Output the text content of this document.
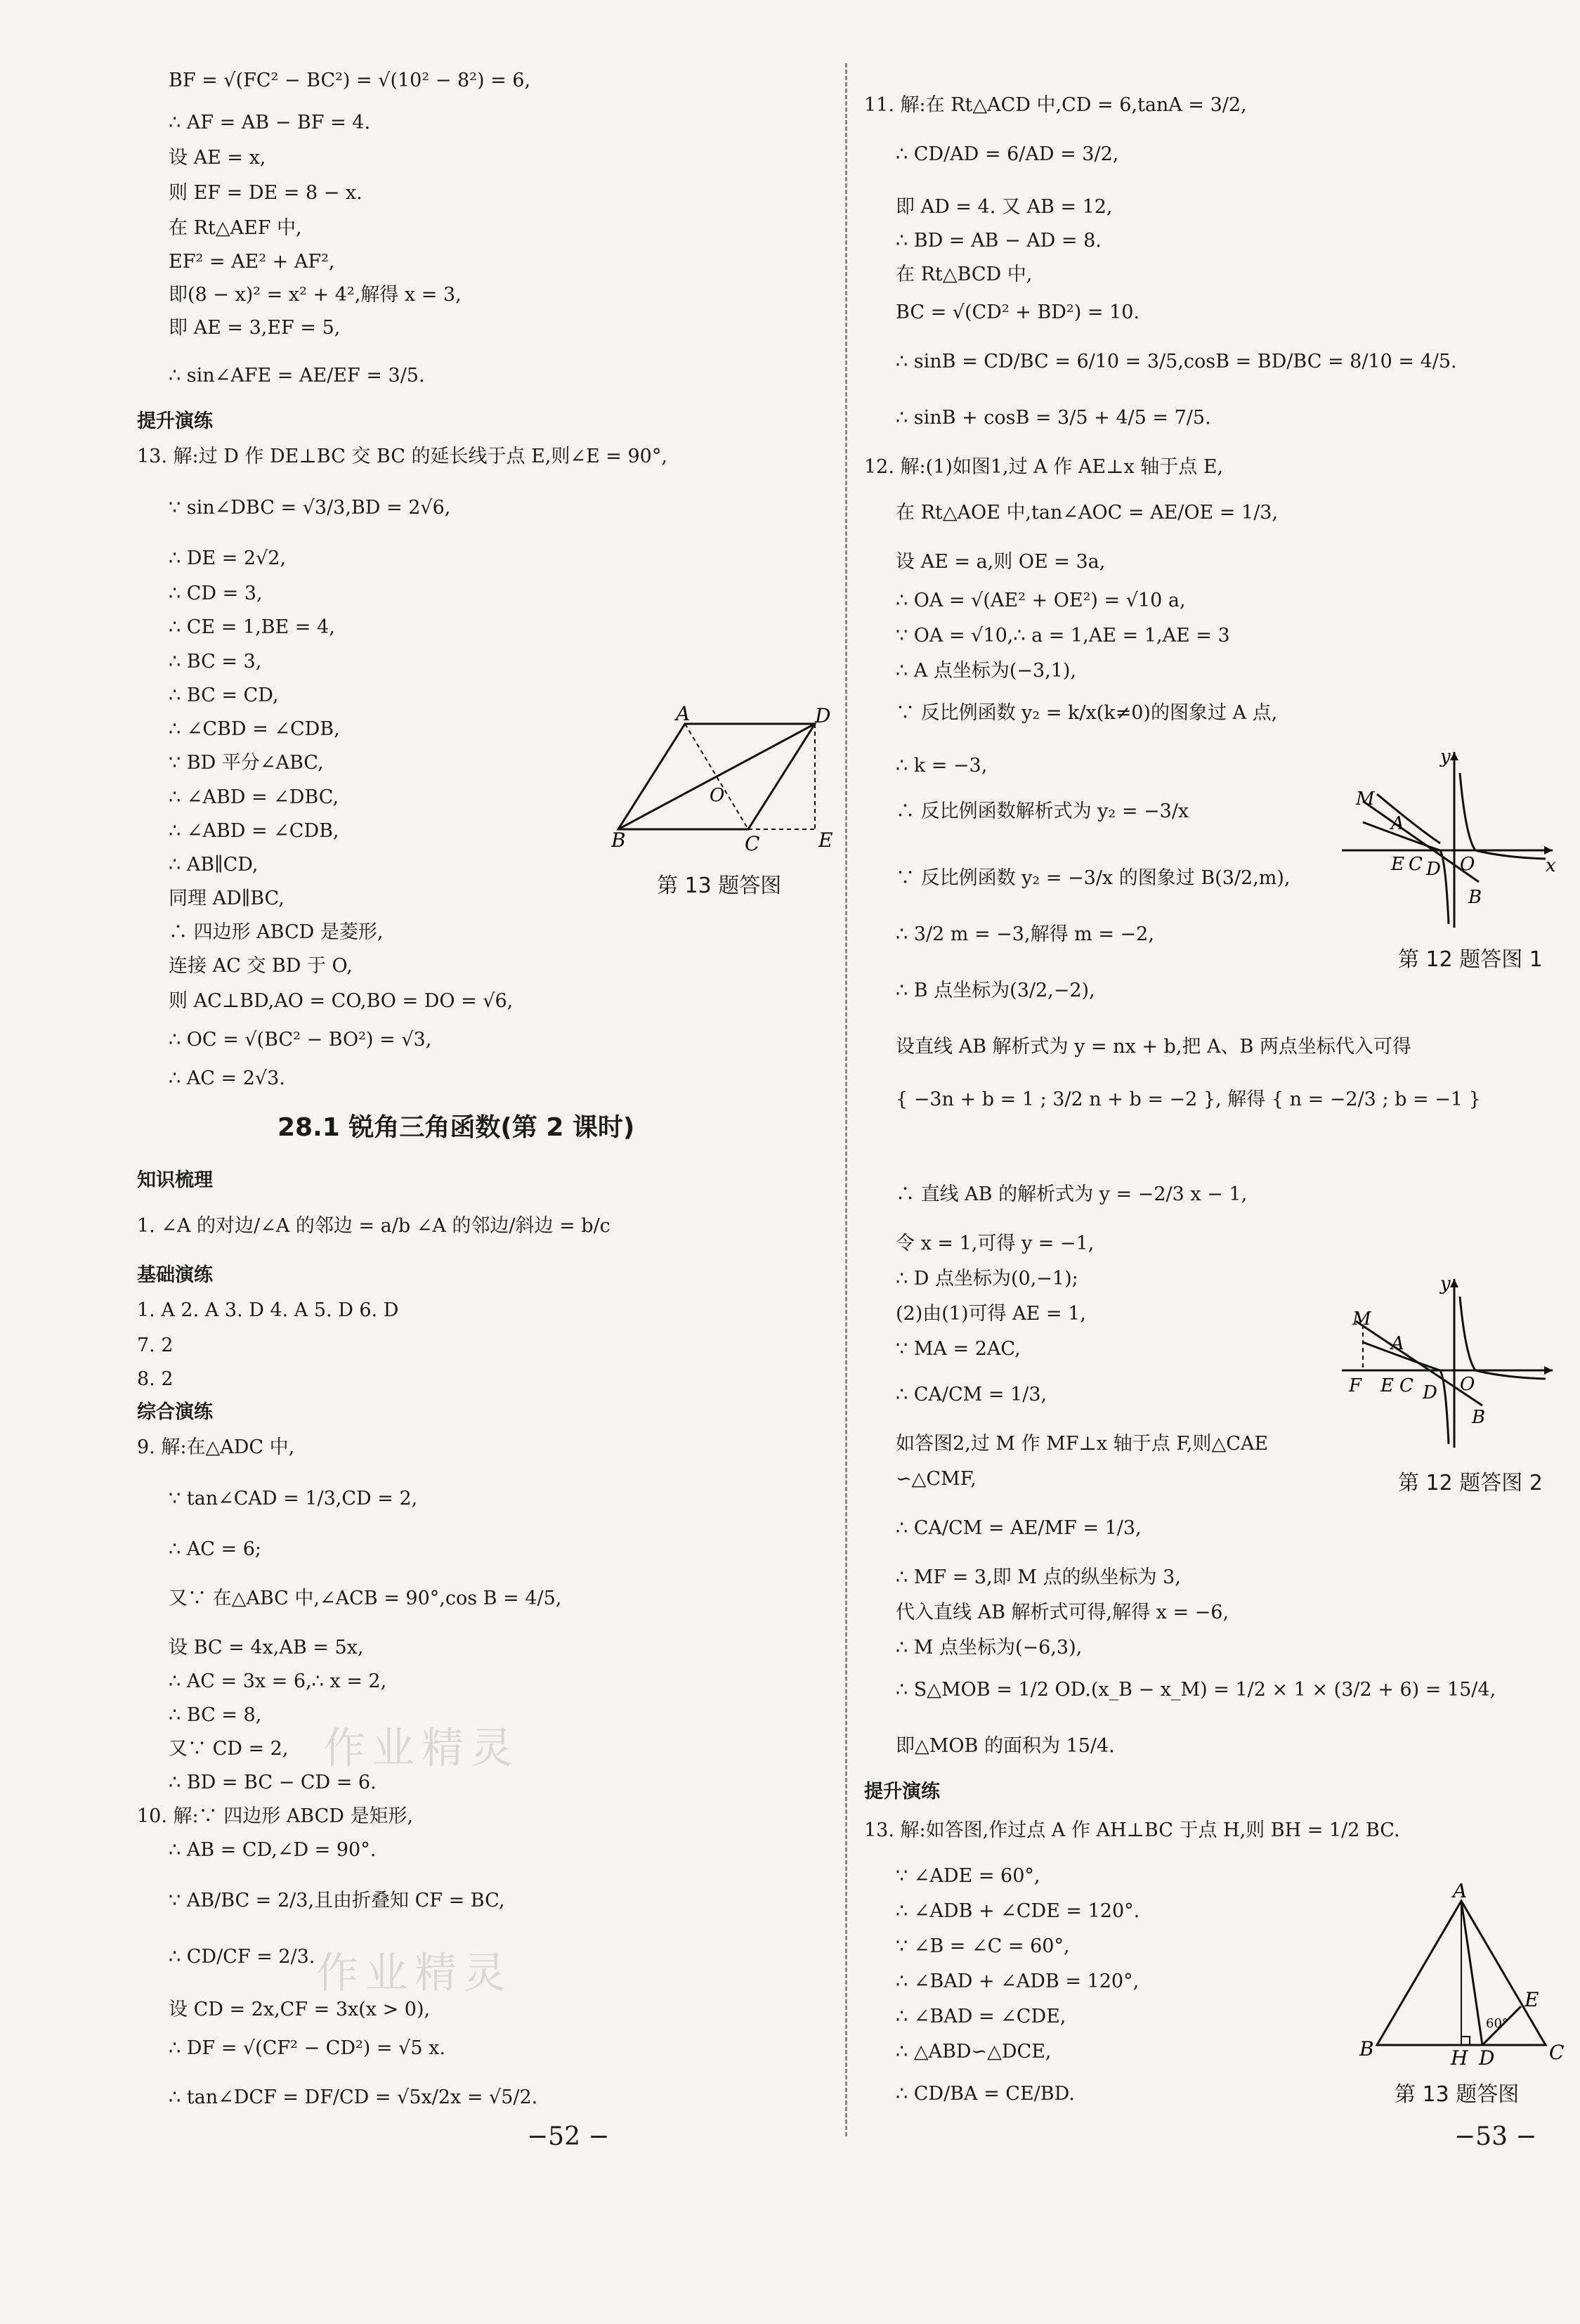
BF = √(FC² − BC²) = √(10² − 8²) = 6,
∴ AF = AB − BF = 4.
设 AE = x,
则 EF = DE = 8 − x.
在 Rt△AEF 中,
EF² = AE² + AF²,
即(8 − x)² = x² + 4²,解得 x = 3,
即 AE = 3,EF = 5,
∴ sin∠AFE = AE/EF = 3/5.
提升演练
13. 解:过 D 作 DE⊥BC 交 BC 的延长线于点 E,则∠E = 90°,
∵ sin∠DBC = √3/3,BD = 2√6,
∴ DE = 2√2,
∴ CD = 3,
∴ CE = 1,BE = 4,
∴ BC = 3,
∴ BC = CD,
∴ ∠CBD = ∠CDB,
∵ BD 平分∠ABC,
∴ ∠ABD = ∠DBC,
∴ ∠ABD = ∠CDB,
∴ AB∥CD,
同理 AD∥BC,
∴ 四边形 ABCD 是菱形,
连接 AC 交 BD 于 O,
则 AC⊥BD,AO = CO,BO = DO = √6,
∴ OC = √(BC² − BO²) = √3,
∴ AC = 2√3.
28.1 锐角三角函数(第 2 课时)
知识梳理
1. ∠A 的对边/∠A 的邻边 = a/b ∠A 的邻边/斜边 = b/c
基础演练
1. A 2. A 3. D 4. A 5. D 6. D
7. 2
8. 2
综合演练
9. 解:在△ADC 中,
∵ tan∠CAD = 1/3,CD = 2,
∴ AC = 6;
又∵ 在△ABC 中,∠ACB = 90°,cos B = 4/5,
设 BC = 4x,AB = 5x,
∴ AC = 3x = 6,∴ x = 2,
∴ BC = 8,
又∵ CD = 2,
∴ BD = BC − CD = 6.
10. 解:∵ 四边形 ABCD 是矩形,
∴ AB = CD,∠D = 90°.
∵ AB/BC = 2/3,且由折叠知 CF = BC,
∴ CD/CF = 2/3.
设 CD = 2x,CF = 3x(x > 0),
∴ DF = √(CF² − CD²) = √5 x.
∴ tan∠DCF = DF/CD = √5x/2x = √5/2.
11. 解:在 Rt△ACD 中,CD = 6,tanA = 3/2,
∴ CD/AD = 6/AD = 3/2,
即 AD = 4. 又 AB = 12,
∴ BD = AB − AD = 8.
在 Rt△BCD 中,
BC = √(CD² + BD²) = 10.
∴ sinB = CD/BC = 6/10 = 3/5,cosB = BD/BC = 8/10 = 4/5.
∴ sinB + cosB = 3/5 + 4/5 = 7/5.
12. 解:(1)如图1,过 A 作 AE⊥x 轴于点 E,
在 Rt△AOE 中,tan∠AOC = AE/OE = 1/3,
设 AE = a,则 OE = 3a,
∴ OA = √(AE² + OE²) = √10 a,
∵ OA = √10,∴ a = 1,AE = 1,AE = 3
∴ A 点坐标为(−3,1),
∵ 反比例函数 y₂ = k/x(k≠0)的图象过 A 点,
∴ k = −3,
∴ 反比例函数解析式为 y₂ = −3/x
∵ 反比例函数 y₂ = −3/x 的图象过 B(3/2,m),
∴ 3/2 m = −3,解得 m = −2,
∴ B 点坐标为(3/2,−2),
设直线 AB 解析式为 y = nx + b,把 A、B 两点坐标代入可得
{ −3n + b = 1 ; 3/2 n + b = −2 }, 解得 { n = −2/3 ; b = −1 }
∴ 直线 AB 的解析式为 y = −2/3 x − 1,
令 x = 1,可得 y = −1,
∴ D 点坐标为(0,−1);
(2)由(1)可得 AE = 1,
∵ MA = 2AC,
∴ CA/CM = 1/3,
如答图2,过 M 作 MF⊥x 轴于点 F,则△CAE
∽△CMF,
∴ CA/CM = AE/MF = 1/3,
∴ MF = 3,即 M 点的纵坐标为 3,
代入直线 AB 解析式可得,解得 x = −6,
∴ M 点坐标为(−6,3),
∴ S△MOB = 1/2 OD.(x_B − x_M) = 1/2 × 1 × (3/2 + 6) = 15/4,
即△MOB 的面积为 15/4.
提升演练
13. 解:如答图,作过点 A 作 AH⊥BC 于点 H,则 BH = 1/2 BC.
∵ ∠ADE = 60°,
∴ ∠ADB + ∠CDE = 120°.
∵ ∠B = ∠C = 60°,
∴ ∠BAD + ∠ADB = 120°,
∴ ∠BAD = ∠CDE,
∴ △ABD∽△DCE,
∴ CD/BA = CE/BD.
作业精灵
作业精灵
A	D
B	C	E
O
第 13 题答图
M
A
E C D O
B
y
x
第 12 题答图 1
M
A
F E C D O
B
y
第 12 题答图 2
A
B	C
H D
E
60°
第 13 题答图
−52 −	−53 −
